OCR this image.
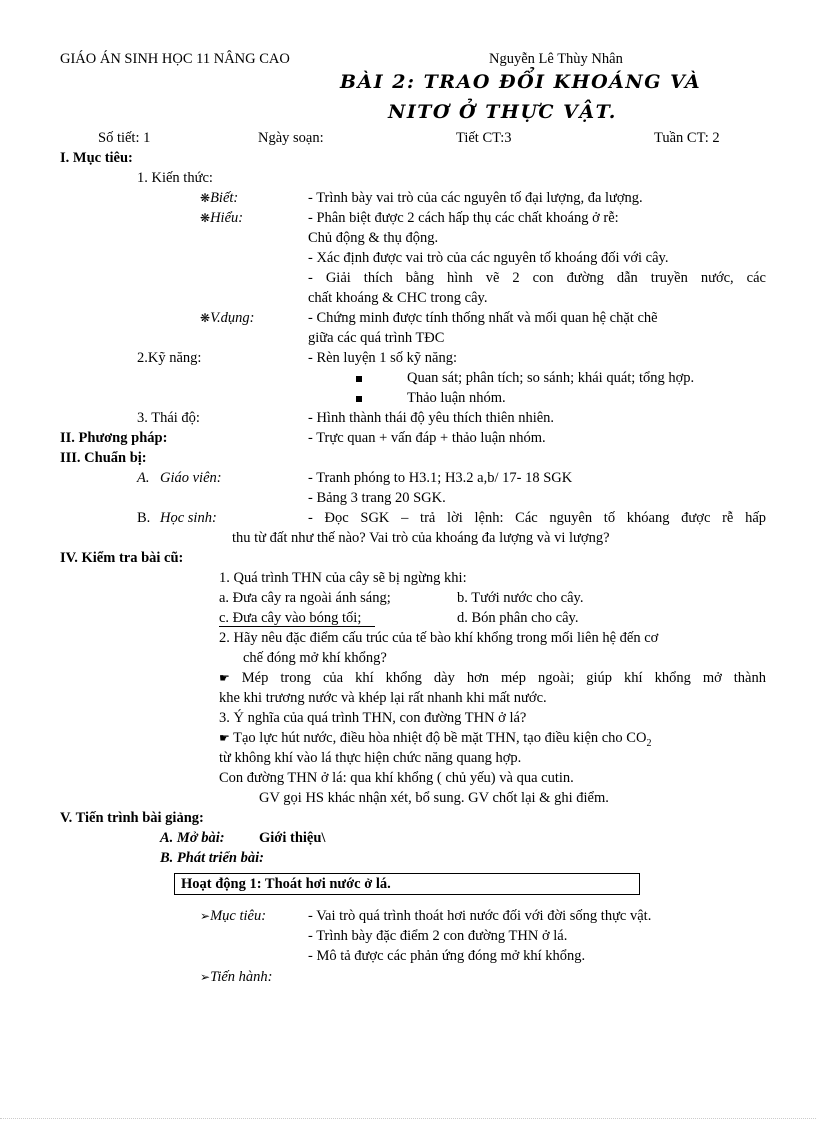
GIÁO ÁN SINH HỌC 11 NÂNG CAO	Nguyễn Lê Thùy Nhân
BÀI 2: TRAO ĐỔI KHOÁNG VÀ
NITƠ Ở THỰC VẬT.
Số tiết: 1	Ngày soạn:	Tiết CT:3	Tuần CT: 2
I. Mục tiêu:
1. Kiến thức:
❋Biết:	- Trình bày vai trò của các nguyên tố đại lượng, đa lượng.
❋Hiểu:	- Phân biệt được 2 cách hấp thụ các chất khoáng ở rễ:
Chủ động & thụ động.
- Xác định được vai trò của các nguyên tố khoáng đối với cây.
- Giải thích bằng hình vẽ 2 con đường dẫn truyền nước, các
chất khoáng & CHC trong cây.
❋V.dụng:	- Chứng minh được tính thống nhất và mối quan hệ chặt chẽ
giữa các quá trình TĐC
2.Kỹ năng:	- Rèn luyện 1 số kỹ năng:
Quan sát; phân tích; so sánh; khái quát; tổng hợp.
Thảo luận nhóm.
3. Thái độ:	- Hình thành thái độ yêu thích thiên nhiên.
II. Phương pháp:	- Trực quan + vấn đáp + thảo luận nhóm.
III. Chuẩn bị:
A. Giáo viên:	- Tranh phóng to H3.1; H3.2 a,b/ 17- 18 SGK
- Bảng 3 trang 20 SGK.
B. Học sinh:	- Đọc SGK – trả lời lệnh: Các nguyên tố khóang được rễ hấp
thu từ đất như thế nào? Vai trò của khoáng đa lượng và vi lượng?
IV. Kiểm tra bài cũ:
1. Quá trình THN của cây sẽ bị ngừng khi:
a. Đưa cây ra ngoài ánh sáng;	b. Tưới nước cho cây.
c. Đưa cây vào bóng tối;	d. Bón phân cho cây.
2. Hãy nêu đặc điểm cấu trúc của tế bào khí khổng trong mối liên hệ đến cơ
chế đóng mở khí khổng?
☛ Mép trong của khí khổng dày hơn mép ngoài; giúp khí khổng mở thành
khe khi trương nước và khép lại rất nhanh khi mất nước.
3. Ý nghĩa của quá trình THN, con đường THN ở lá?
☛ Tạo lực hút nước, điều hòa nhiệt độ bề mặt THN, tạo điều kiện cho $CO_2$
từ không khí vào lá thực hiện chức năng quang hợp.
Con đường THN ở lá: qua khí khổng ( chủ yếu) và qua cutin.
GV gọi HS khác nhận xét, bổ sung. GV chốt lại & ghi điểm.
V. Tiến trình bài giảng:
A. Mở bài: Giới thiệu\
B. Phát triển bài:
Hoạt động 1: Thoát hơi nước ở lá.
➢Mục tiêu:	- Vai trò quá trình thoát hơi nước đối với đời sống thực vật.
- Trình bày đặc điểm 2 con đường THN ở lá.
- Mô tả được các phản ứng đóng mở khí khổng.
➢Tiến hành:
